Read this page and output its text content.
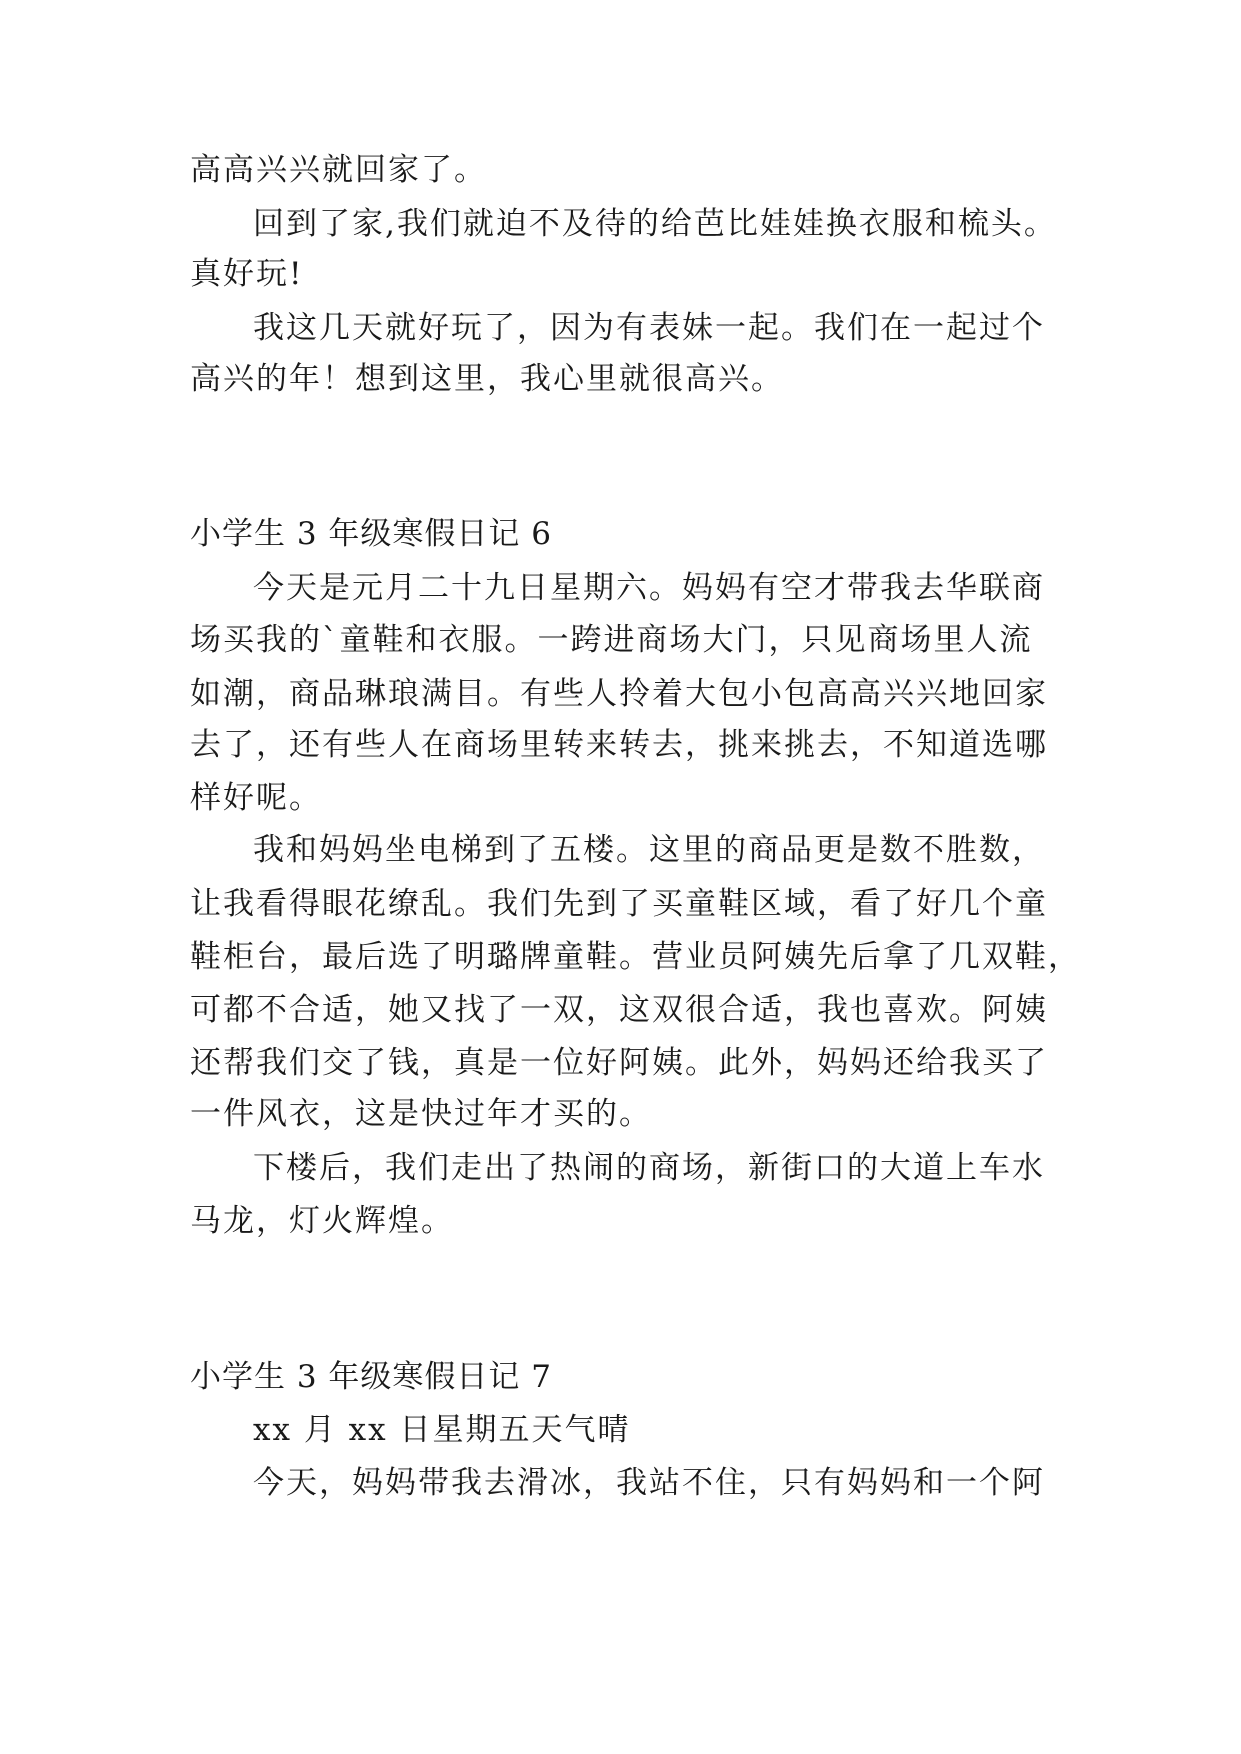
高高兴兴就回家了。
回到了家,我们就迫不及待的给芭比娃娃换衣服和梳头。
真好玩!
我这几天就好玩了，因为有表妹一起。我们在一起过个
高兴的年！想到这里，我心里就很高兴。
小学生 3 年级寒假日记 6
今天是元月二十九日星期六。妈妈有空才带我去华联商
场买我的`童鞋和衣服。一跨进商场大门，只见商场里人流
如潮，商品琳琅满目。有些人拎着大包小包高高兴兴地回家
去了，还有些人在商场里转来转去，挑来挑去，不知道选哪
样好呢。
我和妈妈坐电梯到了五楼。这里的商品更是数不胜数，
让我看得眼花缭乱。我们先到了买童鞋区域，看了好几个童
鞋柜台，最后选了明璐牌童鞋。营业员阿姨先后拿了几双鞋，
可都不合适，她又找了一双，这双很合适，我也喜欢。阿姨
还帮我们交了钱，真是一位好阿姨。此外，妈妈还给我买了
一件风衣，这是快过年才买的。
下楼后，我们走出了热闹的商场，新街口的大道上车水
马龙，灯火辉煌。
小学生 3 年级寒假日记 7
xx 月 xx 日星期五天气晴
今天，妈妈带我去滑冰，我站不住，只有妈妈和一个阿
